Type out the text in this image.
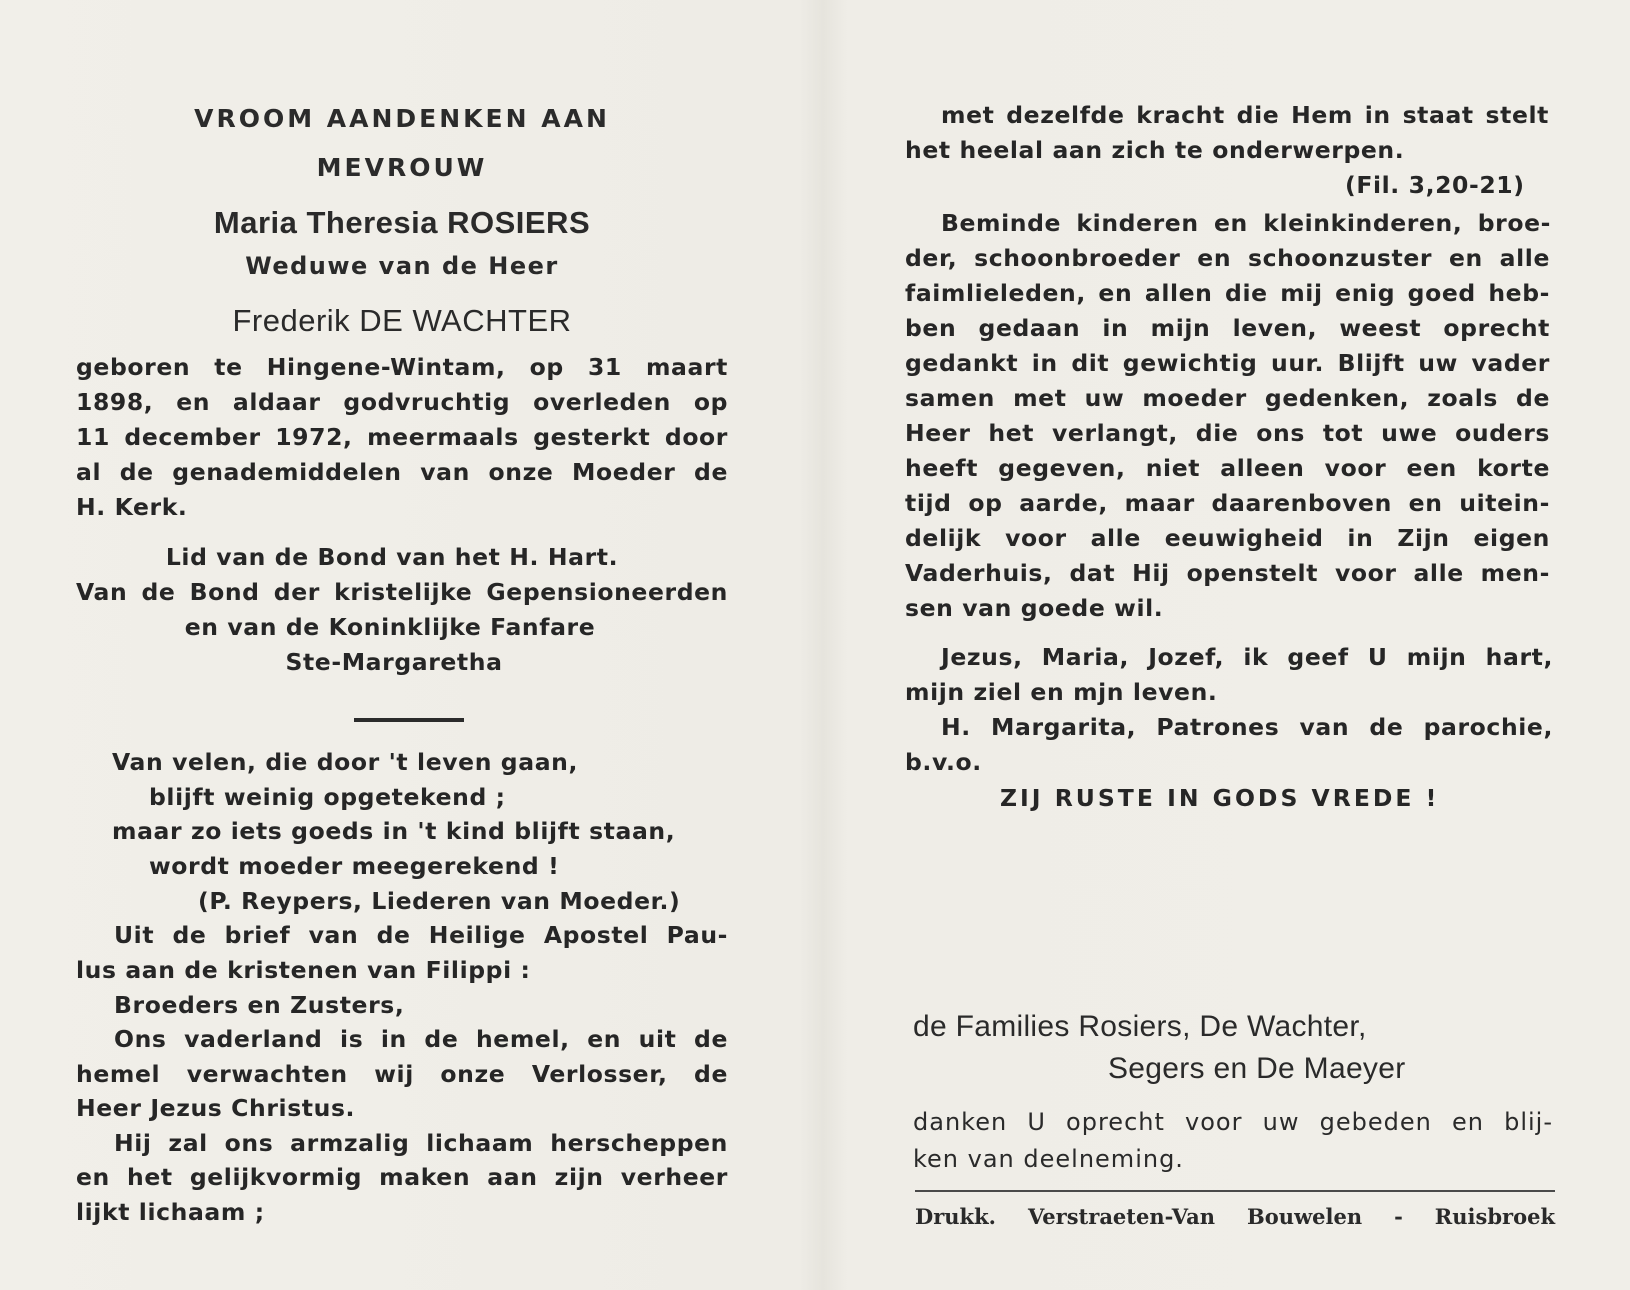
VROOM AANDENKEN AAN
MEVROUW
Maria Theresia ROSIERS
Weduwe van de Heer
Frederik DE WACHTER
geboren te Hingene-Wintam, op 31 maart
1898, en aldaar godvruchtig overleden op
11 december 1972, meermaals gesterkt door
al de genademiddelen van onze Moeder de
H. Kerk.
Lid van de Bond van het H. Hart.
Van de Bond der kristelijke Gepensioneerden
en van de Koninklijke Fanfare
Ste-Margaretha
Van velen, die door 't leven gaan,
blijft weinig opgetekend ;
maar zo iets goeds in 't kind blijft staan,
wordt moeder meegerekend !
(P. Reypers, Liederen van Moeder.)
Uit de brief van de Heilige Apostel Pau-
lus aan de kristenen van Filippi :
Broeders en Zusters,
Ons vaderland is in de hemel, en uit de
hemel verwachten wij onze Verlosser, de
Heer Jezus Christus.
Hij zal ons armzalig lichaam herscheppen
en het gelijkvormig maken aan zijn verheer
lijkt lichaam ;
met dezelfde kracht die Hem in staat stelt
het heelal aan zich te onderwerpen.
(Fil. 3,20-21)
Beminde kinderen en kleinkinderen, broe-
der, schoonbroeder en schoonzuster en alle
faimlieleden, en allen die mij enig goed heb-
ben gedaan in mijn leven, weest oprecht
gedankt in dit gewichtig uur. Blijft uw vader
samen met uw moeder gedenken, zoals de
Heer het verlangt, die ons tot uwe ouders
heeft gegeven, niet alleen voor een korte
tijd op aarde, maar daarenboven en uitein-
delijk voor alle eeuwigheid in Zijn eigen
Vaderhuis, dat Hij openstelt voor alle men-
sen van goede wil.
Jezus, Maria, Jozef, ik geef U mijn hart,
mijn ziel en mjn leven.
H. Margarita, Patrones van de parochie,
b.v.o.
ZIJ RUSTE IN GODS VREDE !
de Families Rosiers, De Wachter,
Segers en De Maeyer
danken U oprecht voor uw gebeden en blij-
ken van deelneming.
Drukk. Verstraeten-Van Bouwelen - Ruisbroek
